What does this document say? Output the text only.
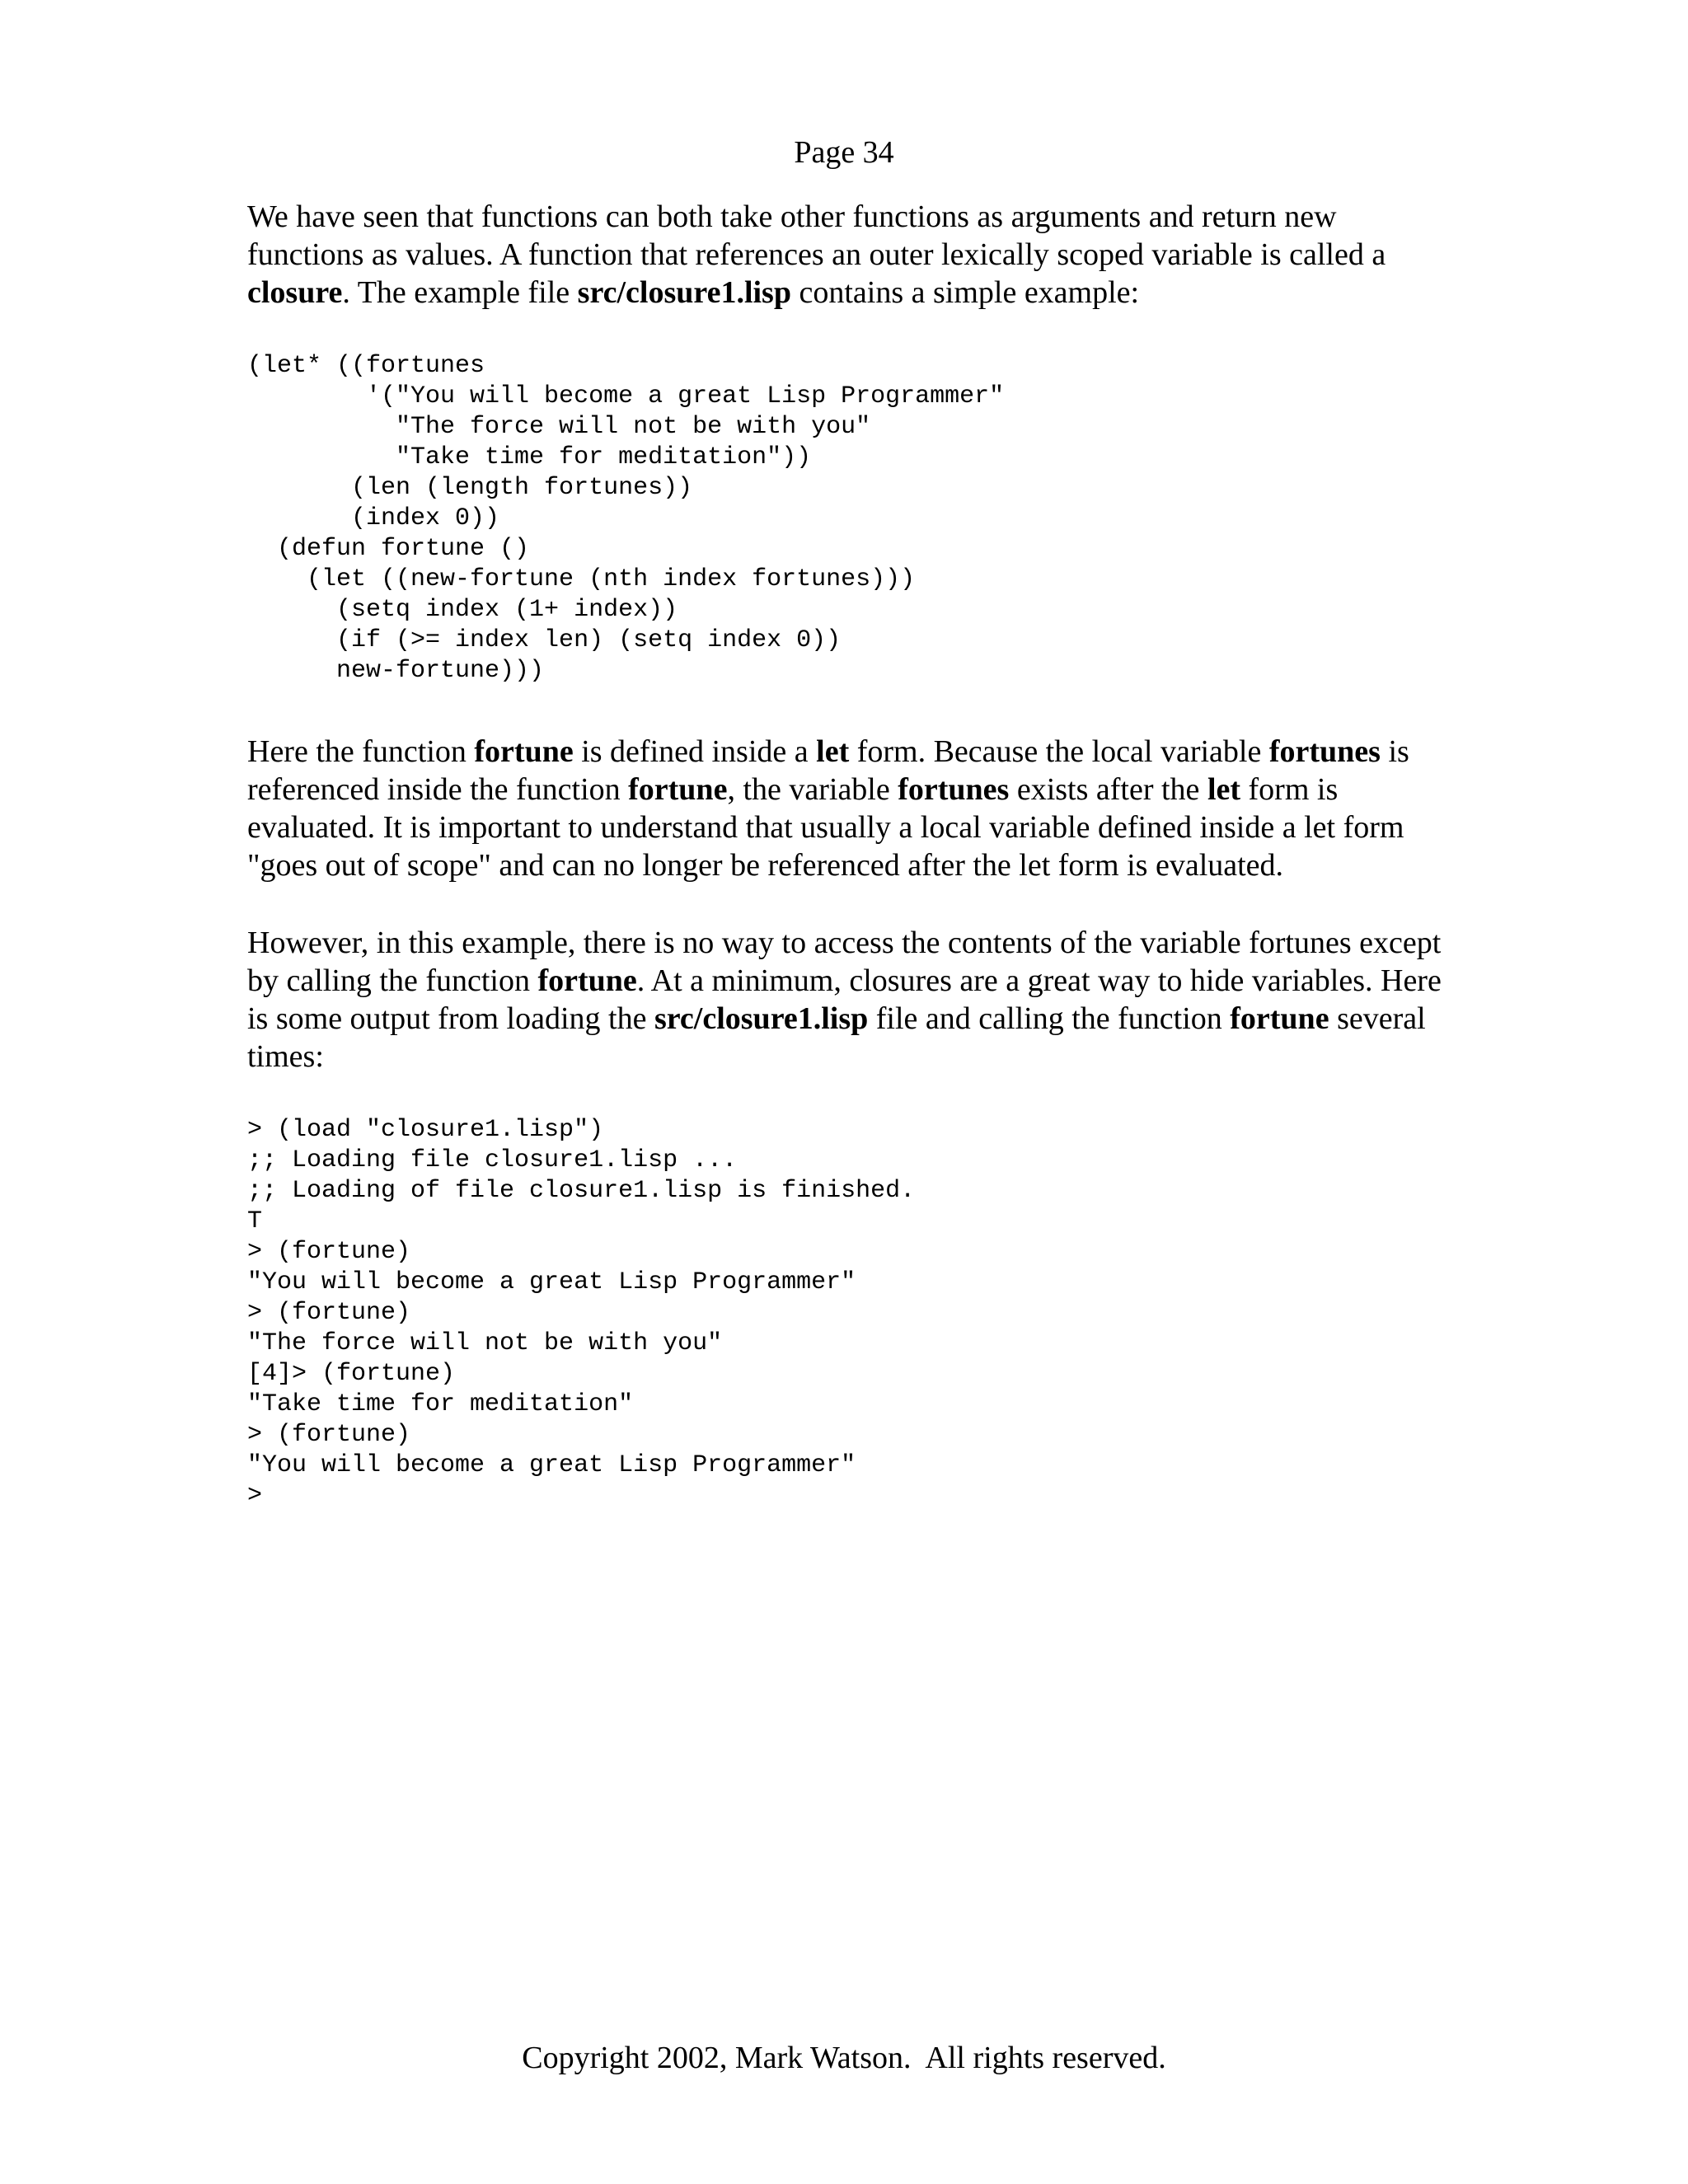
Page 34

We have seen that functions can both take other functions as arguments and return new functions as values. A function that references an outer lexically scoped variable is called a closure. The example file src/closure1.lisp contains a simple example:

(let* ((fortunes
'("You will become a great Lisp Programmer"
"The force will not be with you"
"Take time for meditation"))
(len (length fortunes))
(index 0))
(defun fortune ()
(let ((new-fortune (nth index fortunes)))
(setq index (1+ index))
(if (>= index len) (setq index 0))
new-fortune)))

Here the function fortune is defined inside a let form. Because the local variable fortunes is referenced inside the function fortune, the variable fortunes exists after the let form is evaluated. It is important to understand that usually a local variable defined inside a let form "goes out of scope" and can no longer be referenced after the let form is evaluated.

However, in this example, there is no way to access the contents of the variable fortunes except by calling the function fortune. At a minimum, closures are a great way to hide variables. Here is some output from loading the src/closure1.lisp file and calling the function fortune several times:

> (load "closure1.lisp")
;; Loading file closure1.lisp ...
;; Loading of file closure1.lisp is finished.
T
> (fortune)
"You will become a great Lisp Programmer"
> (fortune)
"The force will not be with you"
[4]> (fortune)
"Take time for meditation"
> (fortune)
"You will become a great Lisp Programmer"
>
Copyright 2002, Mark Watson.  All rights reserved.
